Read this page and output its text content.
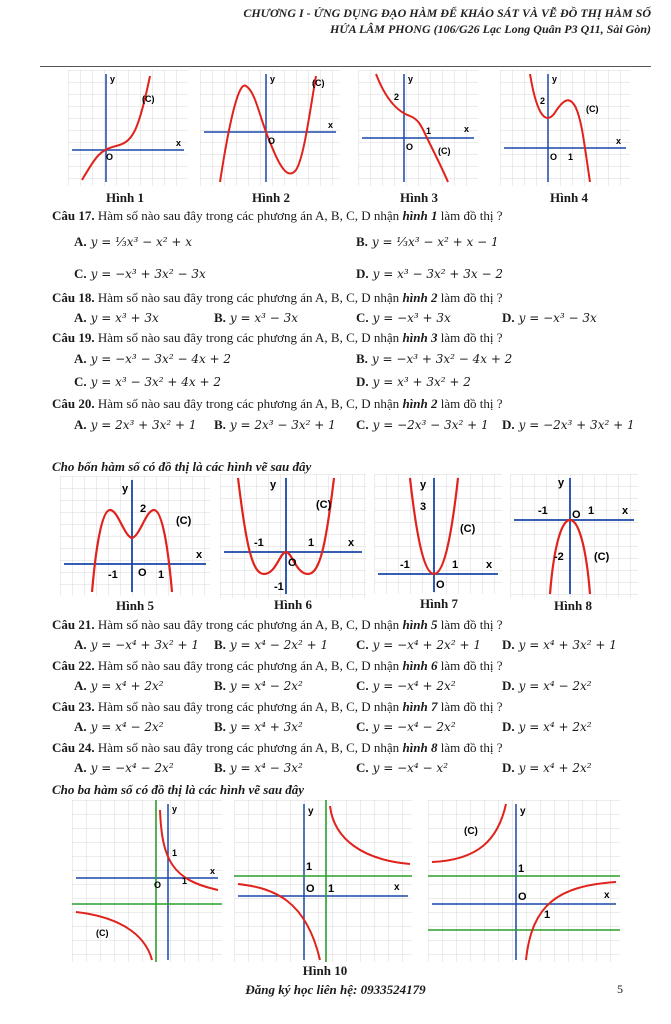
CHƯƠNG I - ỨNG DỤNG ĐẠO HÀM ĐỂ KHẢO SÁT VÀ VẼ ĐỒ THỊ HÀM SỐ
HỨA LÂM PHONG (106/G26 Lạc Long Quân P3 Q11, Sài Gòn)
y
x
O
(C)
Hình 1
y
x
O
(C)
Hình 2
y
x
O
2
1
(C)
Hình 3
y
x
O
2
1
(C)
Hình 4
Câu 17. Hàm số nào sau đây trong các phương án A, B, C, D nhận hình 1 làm đồ thị ?
A. y = ⅓x³ − x² + x	B. y = ⅓x³ − x² + x − 1
C. y = −x³ + 3x² − 3x	D. y = x³ − 3x² + 3x − 2
Câu 18. Hàm số nào sau đây trong các phương án A, B, C, D nhận hình 2 làm đồ thị ?
A. y = x³ + 3x	B. y = x³ − 3x	C. y = −x³ + 3x	D. y = −x³ − 3x
Câu 19. Hàm số nào sau đây trong các phương án A, B, C, D nhận hình 3 làm đồ thị ?
A. y = −x³ − 3x² − 4x + 2	B. y = −x³ + 3x² − 4x + 2
C. y = x³ − 3x² + 4x + 2	D. y = x³ + 3x² + 2
Câu 20. Hàm số nào sau đây trong các phương án A, B, C, D nhận hình 2 làm đồ thị ?
A. y = 2x³ + 3x² + 1 B. y = 2x³ − 3x² + 1 C. y = −2x³ − 3x² + 1 D. y = −2x³ + 3x² + 1
Cho bốn hàm số có đồ thị là các hình vẽ sau đây
y
x
O
2
-1	1
(C)
Hình 5
y
x
O
-1	1
-1
(C)
Hình 6
y
x
O
3
-1	1
(C)
Hình 7
y
x
O
-1	1
-2	(C)
Hình 8
Câu 21. Hàm số nào sau đây trong các phương án A, B, C, D nhận hình 5 làm đồ thị ?
A. y = −x⁴ + 3x² + 1 B. y = x⁴ − 2x² + 1 C. y = −x⁴ + 2x² + 1 D. y = x⁴ + 3x² + 1
Câu 22. Hàm số nào sau đây trong các phương án A, B, C, D nhận hình 6 làm đồ thị ?
A. y = x⁴ + 2x²	B. y = x⁴ − 2x²	C. y = −x⁴ + 2x²	D. y = x⁴ − 2x²
Câu 23. Hàm số nào sau đây trong các phương án A, B, C, D nhận hình 7 làm đồ thị ?
A. y = x⁴ − 2x²	B. y = x⁴ + 3x²	C. y = −x⁴ − 2x²	D. y = x⁴ + 2x²
Câu 24. Hàm số nào sau đây trong các phương án A, B, C, D nhận hình 8 làm đồ thị ?
A. y = −x⁴ − 2x²	B. y = x⁴ − 3x²	C. y = −x⁴ − x²	D. y = x⁴ + 2x²
Cho ba hàm số có đồ thị là các hình vẽ sau đây
y
x
O
1
1
(C)
y
x
O
1
1
Hình 10
y
x
O
1
1
(C)
Đăng ký học liên hệ: 0933524179	5
